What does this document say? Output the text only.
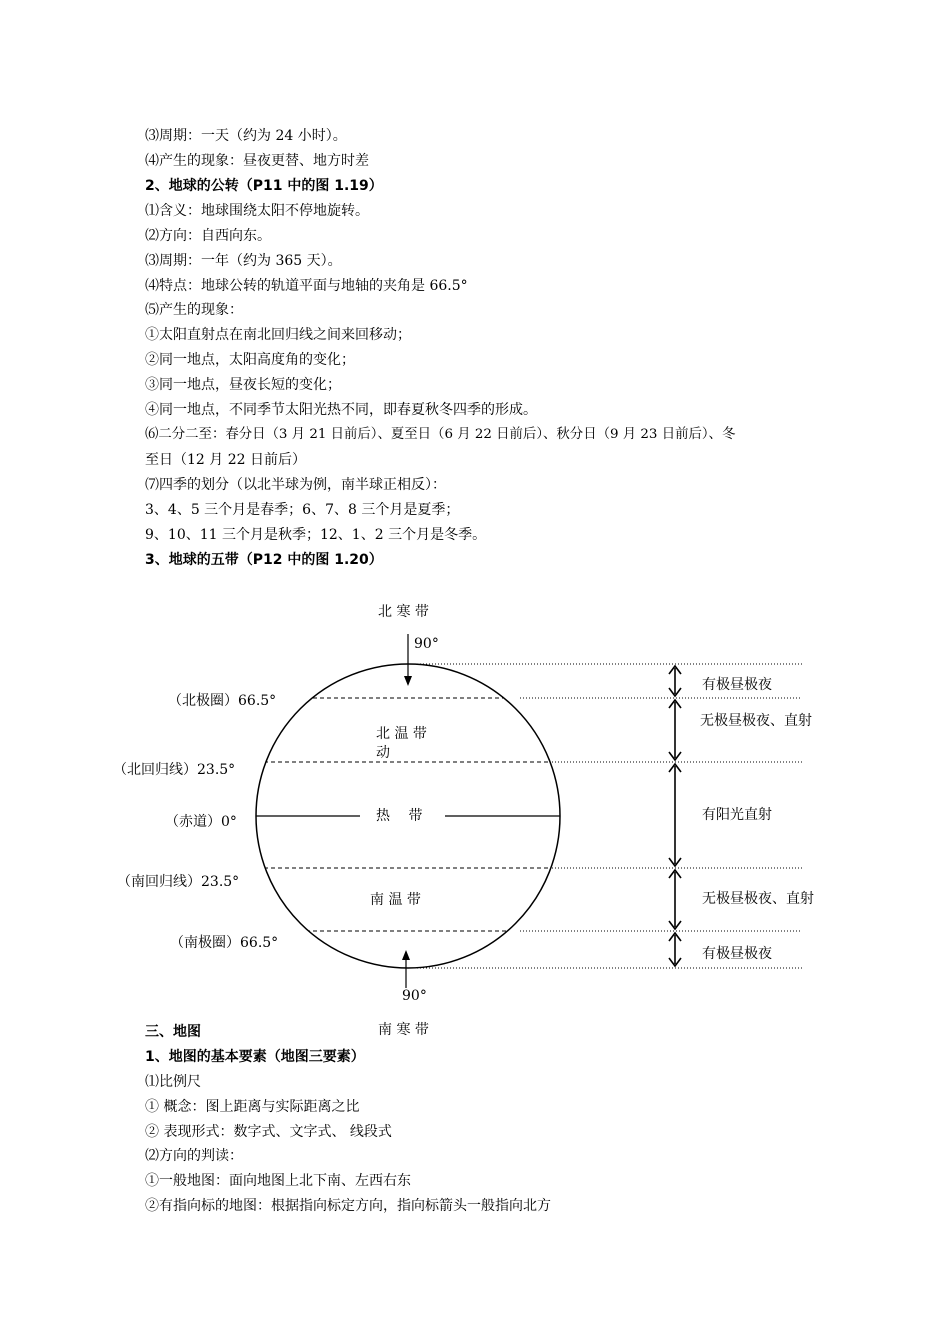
⑶周期：一天（约为 24 小时）。
⑷产生的现象：昼夜更替、地方时差
2、地球的公转（P11 中的图 1.19）
⑴含义：地球围绕太阳不停地旋转。
⑵方向：自西向东。
⑶周期：一年（约为 365 天）。
⑷特点：地球公转的轨道平面与地轴的夹角是 66.5°
⑸产生的现象：
①太阳直射点在南北回归线之间来回移动；
②同一地点，太阳高度角的变化；
③同一地点，昼夜长短的变化；
④同一地点，不同季节太阳光热不同，即春夏秋冬四季的形成。
⑹二分二至：春分日（3 月 21 日前后）、夏至日（6 月 22 日前后）、秋分日（9 月 23 日前后）、冬
至日（12 月 22 日前后）
⑺四季的划分（以北半球为例，南半球正相反）：
3、4、5 三个月是春季；6、7、8 三个月是夏季；
9、10、11 三个月是秋季；12、1、2 三个月是冬季。
3、地球的五带（P12 中的图 1.20）
北 寒 带
90°
（北极圈）66.5°
北 温 带
动
（北回归线）23.5°
（赤道）0°	热　 带
（南回归线）23.5°
南 温 带
（南极圈）66.5°
90°
南 寒 带
有极昼极夜
无极昼极夜、直射
有阳光直射
无极昼极夜、直射
有极昼极夜
三、地图
1、地图的基本要素（地图三要素）
⑴比例尺
① 概念：图上距离与实际距离之比
② 表现形式：数字式、文字式、 线段式
⑵方向的判读：
①一般地图：面向地图上北下南、左西右东
②有指向标的地图：根据指向标定方向，指向标箭头一般指向北方
